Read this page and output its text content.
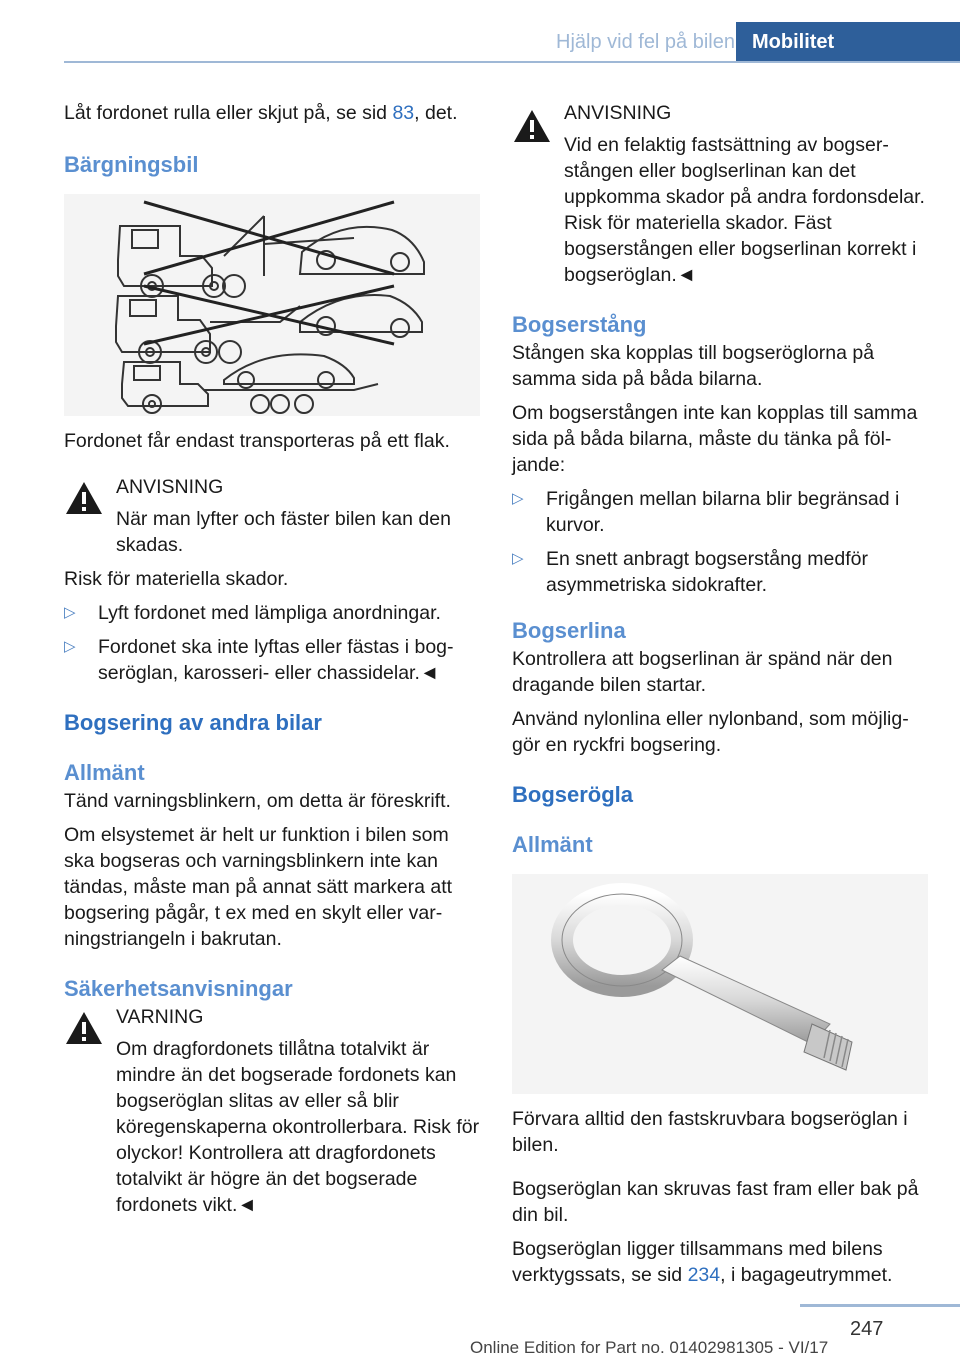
Hjälp vid fel på bilen Mobilitet

Låt fordonet rulla eller skjut på, se sid 83, det.

Bärgningsbil

Fordonet får endast transporteras på ett flak.

ANVISNING

När man lyfter och fäster bilen kan den skadas.

Risk för materiella skador.

▷ Lyft fordonet med lämpliga anordningar.
▷ Fordonet ska inte lyftas eller fästas i bogseröglan, karosseri- eller chassidelar.◄
Bogsering av andra bilar
Allmänt

Tänd varningsblinkern, om detta är föreskrift.

Om elsystemet är helt ur funktion i bilen som ska bogseras och varningsblinkern inte kan tändas, måste man på annat sätt markera att bogsering pågår, t ex med en skylt eller varningstriangeln i bakrutan.

Säkerhetsanvisningar

VARNING

Om dragfordonets tillåtna totalvikt är mindre än det bogserade fordonets kan bogseröglan slitas av eller så blir köregenskaperna okontrollerbara. Risk för olyckor! Kontrollera att dragfordonets totalvikt är högre än det bogserade fordonets vikt.◄

ANVISNING

Vid en felaktig fastsättning av bogserstången eller boglserlinan kan det uppkomma skador på andra fordonsdelar. Risk för materiella skador. Fäst bogserstången eller bogserlinan korrekt i bogseröglan.◄

Bogserstång

Stången ska kopplas till bogseröglorna på samma sida på båda bilarna.

Om bogserstången inte kan kopplas till samma sida på båda bilarna, måste du tänka på följande:

▷ Frigången mellan bilarna blir begränsad i kurvor.
▷ En snett anbragt bogserstång medför asymmetriska sidokrafter.
Bogserlina

Kontrollera att bogserlinan är spänd när den dragande bilen startar.

Använd nylonlina eller nylonband, som möjliggör en ryckfri bogsering.

Bogserögla
Allmänt

Förvara alltid den fastskruvbara bogseröglan i bilen.

Bogseröglan kan skruvas fast fram eller bak på din bil.

Bogseröglan ligger tillsammans med bilens verktygssats, se sid 234, i bagageutrymmet.

247
Online Edition for Part no. 01402981305 - VI/17
